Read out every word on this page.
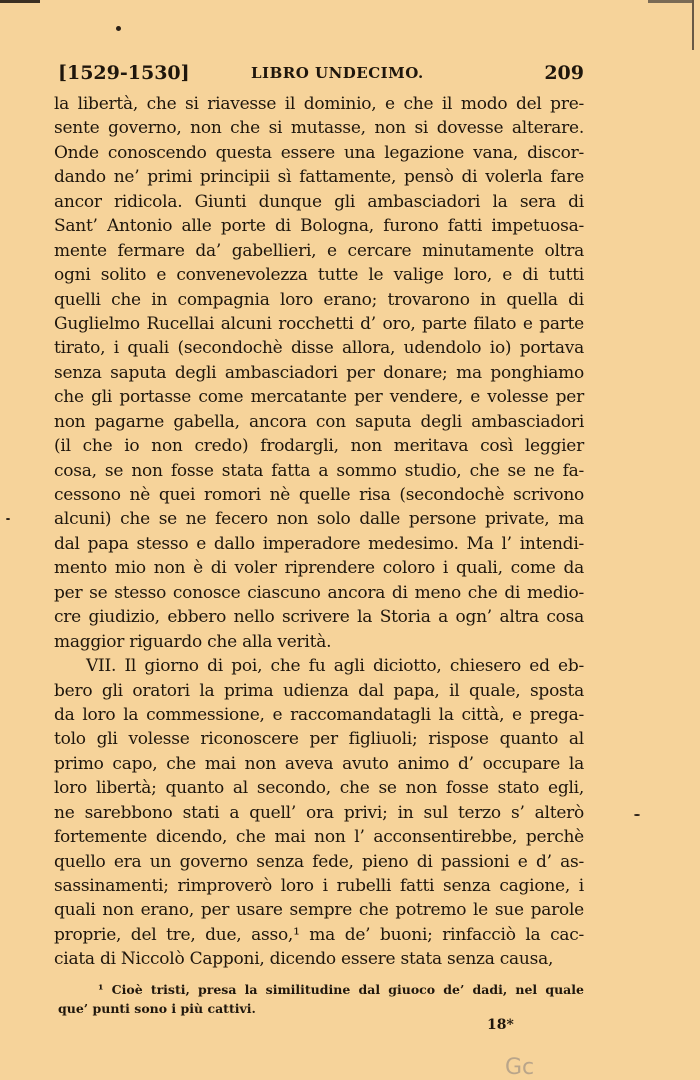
[1529-1530]	LIBRO UNDECIMO.	209
la libertà, che si riavesse il dominio, e che il modo del pre-
sente governo, non che si mutasse, non si dovesse alterare.
Onde conoscendo questa essere una legazione vana, discor-
dando ne’ primi principii sì fattamente, pensò di volerla fare
ancor ridicola. Giunti dunque gli ambasciadori la sera di
Sant’ Antonio alle porte di Bologna, furono fatti impetuosa-
mente fermare da’ gabellieri, e cercare minutamente oltra
ogni solito e convenevolezza tutte le valige loro, e di tutti
quelli che in compagnia loro erano; trovarono in quella di
Guglielmo Rucellai alcuni rocchetti d’ oro, parte filato e parte
tirato, i quali (secondochè disse allora, udendolo io) portava
senza saputa degli ambasciadori per donare; ma ponghiamo
che gli portasse come mercatante per vendere, e volesse per
non pagarne gabella, ancora con saputa degli ambasciadori
(il che io non credo) frodargli, non meritava così leggier
cosa, se non fosse stata fatta a sommo studio, che se ne fa-
cessono nè quei romori nè quelle risa (secondochè scrivono
alcuni) che se ne fecero non solo dalle persone private, ma
dal papa stesso e dallo imperadore medesimo. Ma l’ intendi-
mento mio non è di voler riprendere coloro i quali, come da
per se stesso conosce ciascuno ancora di meno che di medio-
cre giudizio, ebbero nello scrivere la Storia a ogn’ altra cosa
maggior riguardo che alla verità.
VII. Il giorno di poi, che fu agli diciotto, chiesero ed eb-
bero gli oratori la prima udienza dal papa, il quale, sposta
da loro la commessione, e raccomandatagli la città, e prega-
tolo gli volesse riconoscere per figliuoli; rispose quanto al
primo capo, che mai non aveva avuto animo d’ occupare la
loro libertà; quanto al secondo, che se non fosse stato egli,
ne sarebbono stati a quell’ ora privi; in sul terzo s’ alterò
fortemente dicendo, che mai non l’ acconsentirebbe, perchè
quello era un governo senza fede, pieno di passioni e d’ as-
sassinamenti; rimproverò loro i rubelli fatti senza cagione, i
quali non erano, per usare sempre che potremo le sue parole
proprie, del tre, due, asso,¹ ma de’ buoni; rinfacciò la cac-
ciata di Niccolò Capponi, dicendo essere stata senza causa,
¹ Cioè tristi, presa la similitudine dal giuoco de’ dadi, nel quale
que’ punti sono i più cattivi.
18*
Gc
